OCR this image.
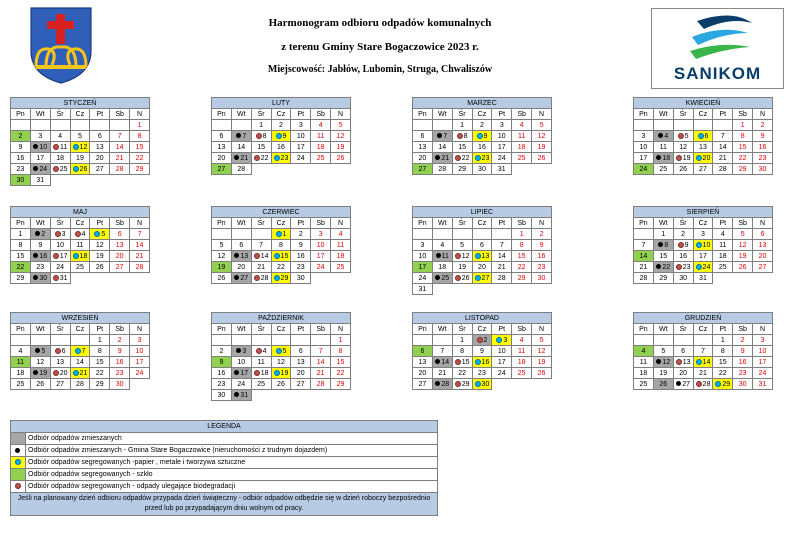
Harmonogram odbioru odpadów komunalnych
z terenu Gminy Stare Bogaczowice 2023 r.
Miejscowość: Jabłów, Lubomin, Struga, Chwaliszów	SANIKOM
STYCZEŃ						
Pn	Wt	Śr	Cz	Pt	Sb	N
						1
2	3	4	5	6	7	8
9	10	11	12	13	14	15
16	17	18	19	20	21	22
23	24	25	26	27	28	29
30	31					
LUTY						
Pn	Wt	Śr	Cz	Pt	Sb	N
		1	2	3	4	5
6	7	8	9	10	11	12
13	14	15	16	17	18	19
20	21	22	23	24	25	26
27	28					
MARZEC						
Pn	Wt	Śr	Cz	Pt	Sb	N
		1	2	3	4	5
6	7	8	9	10	11	12
13	14	15	16	17	18	19
20	21	22	23	24	25	26
27	28	29	30	31		
KWIECIEŃ						
Pn	Wt	Śr	Cz	Pt	Sb	N
					1	2
3	4	5	6	7	8	9
10	11	12	13	14	15	16
17	18	19	20	21	22	23
24	25	26	27	28	29	30
MAJ						
Pn	Wt	Śr	Cz	Pt	Sb	N
1	2	3	4	5	6	7
8	9	10	11	12	13	14
15	16	17	18	19	20	21
22	23	24	25	26	27	28
29	30	31				
CZERWIEC						
Pn	Wt	Śr	Cz	Pt	Sb	N
			1	2	3	4
5	6	7	8	9	10	11
12	13	14	15	16	17	18
19	20	21	22	23	24	25
26	27	28	29	30		
LIPIEC						
Pn	Wt	Śr	Cz	Pt	Sb	N
					1	2
3	4	5	6	7	8	9
10	11	12	13	14	15	16
17	18	19	20	21	22	23
24	25	26	27	28	29	30
31						
SIERPIEŃ						
Pn	Wt	Śr	Cz	Pt	Sb	N
	1	2	3	4	5	6
7	8	9	10	11	12	13
14	15	16	17	18	19	20
21	22	23	24	25	26	27
28	29	30	31			
WRZESIEŃ						
Pn	Wt	Śr	Cz	Pt	Sb	N
				1	2	3
4	5	6	7	8	9	10
11	12	13	14	15	16	17
18	19	20	21	22	23	24
25	26	27	28	29	30	
PAŹDZIERNIK						
Pn	Wt	Śr	Cz	Pt	Sb	N
						1
2	3	4	5	6	7	8
9	10	11	12	13	14	15
16	17	18	19	20	21	22
23	24	25	26	27	28	29
30	31					
LISTOPAD						
Pn	Wt	Śr	Cz	Pt	Sb	N
		1	2	3	4	5
6	7	8	9	10	11	12
13	14	15	16	17	18	19
20	21	22	23	24	25	26
27	28	29	30			
GRUDZIEŃ						
Pn	Wt	Śr	Cz	Pt	Sb	N
				1	2	3
4	5	6	7	8	9	10
11	12	13	14	15	16	17
18	19	20	21	22	23	24
25	26	27	28	29	30	31
LEGENDA	
	Odbiór odpadów zmieszanych
	Odbiór odpadów zmieszanych - Gmina Stare Bogaczowice (nieruchomości z trudnym dojazdem)
	Odbiór odpadów segregowanych -papier , metale i tworzywa sztuczne
	Odbiór odpadów segregowanych - szkło
	Odbiór odpadów segregowanych - odpady ulegające biodegradacji
Jeśli na planowany dzień odbioru odpadów przypada dzień świąteczny - odbiór odpadów odbędzie się w dzień roboczy bezpośrednio przed lub po przypadającym dniu wolnym od pracy.	
